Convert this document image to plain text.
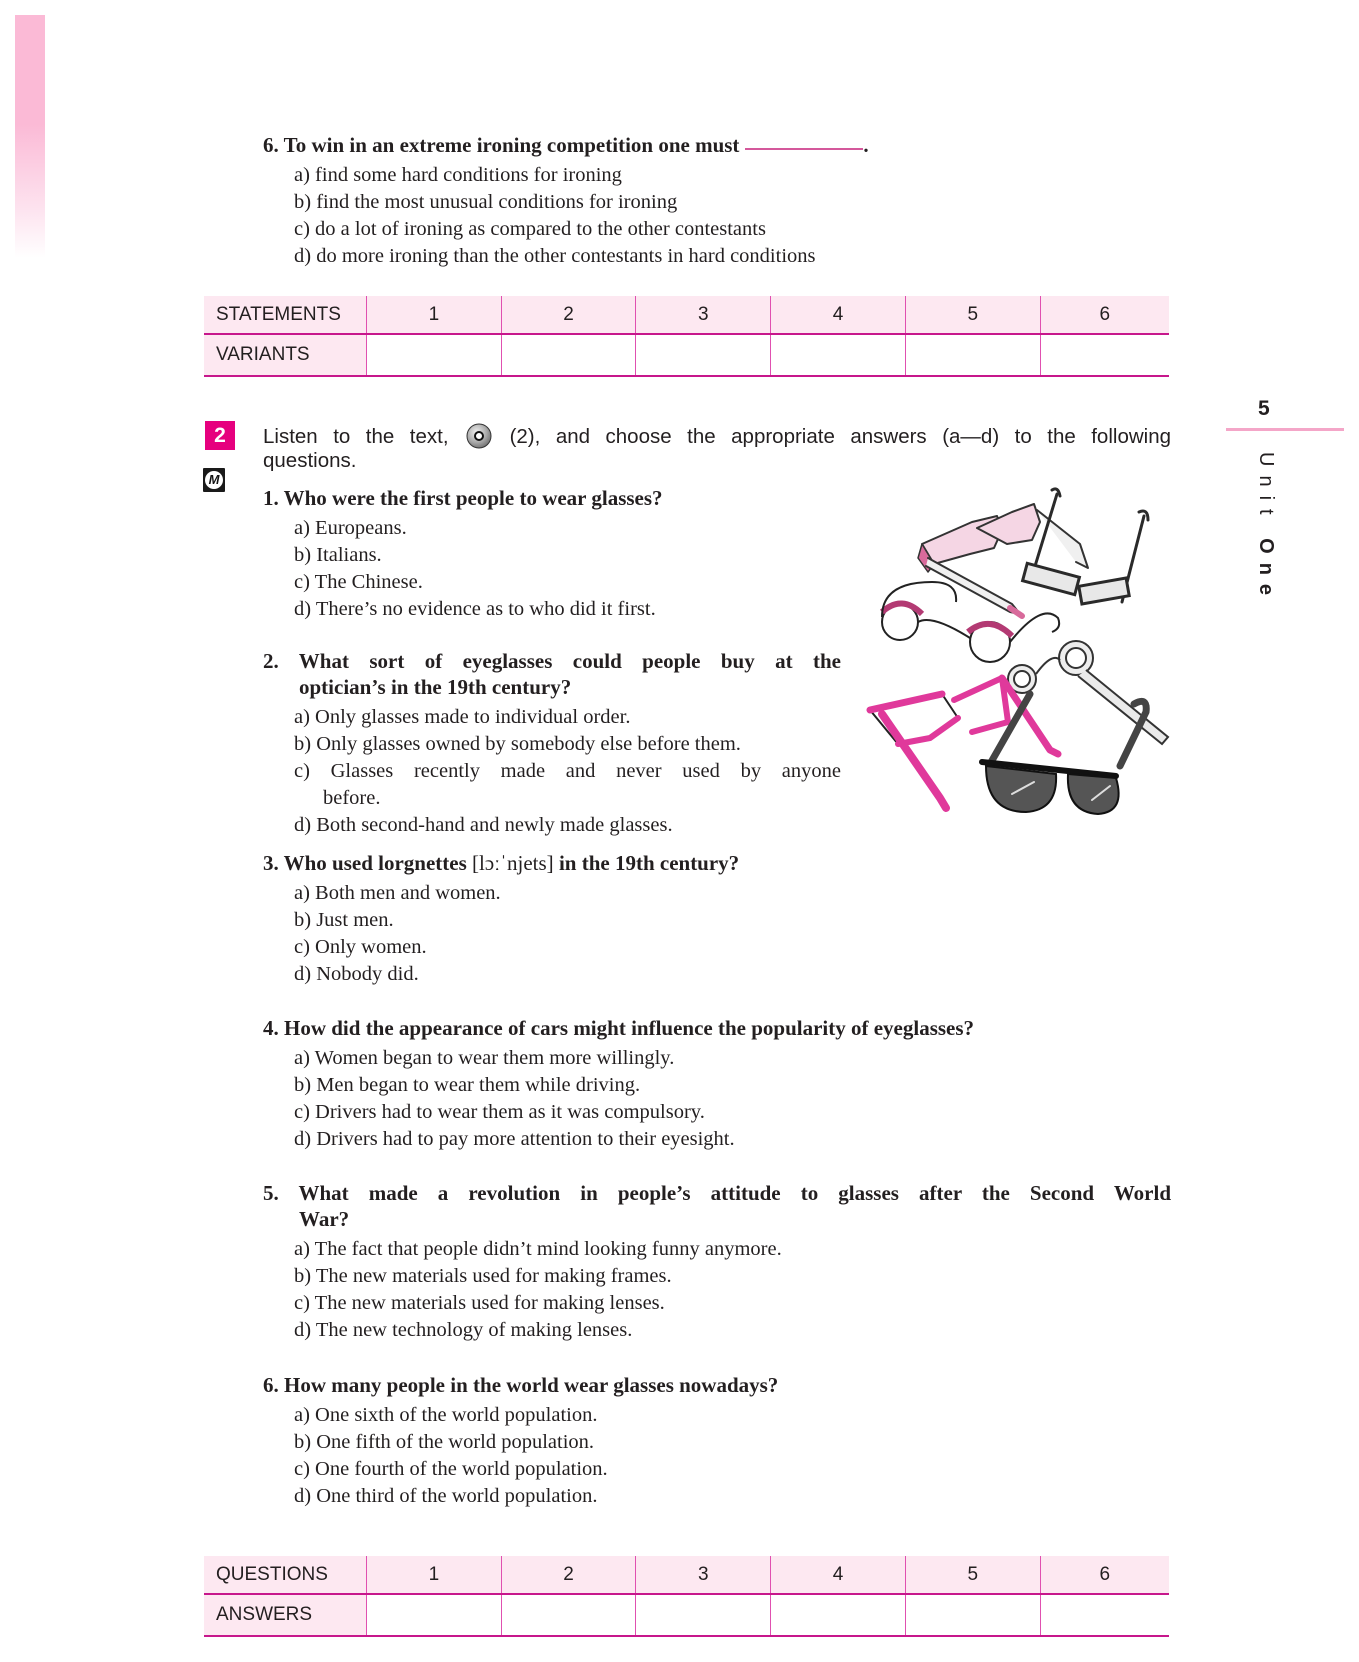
6. To win in an extreme ironing competition one must	.

a) find some hard conditions for ironing
b) find the most unusual conditions for ironing
c) do a lot of ironing as compared to the other contestants
d) do more ironing than the other contestants in hard conditions
STATEMENTS	1	2	3	4	5	6
VARIANTS						
5
Unit One
2
M
Listen to the text,	(2), and choose the appropriate answers (a—d) to the following questions.

1. Who were the first people to wear glasses?

a) Europeans.
b) Italians.
c) The Chinese.
d) There’s no evidence as to who did it first.

2. What sort of eyeglasses could people buy at the
optician’s in the 19th century?

a) Only glasses made to individual order.
b) Only glasses owned by somebody else before them.
c) Glasses recently made and never used by anyone
before.
d) Both second-hand and newly made glasses.

3. Who used lorgnettes [lɔːˈnjets] in the 19th century?

a) Both men and women.
b) Just men.
c) Only women.
d) Nobody did.

4. How did the appearance of cars might influence the popularity of eyeglasses?

a) Women began to wear them more willingly.
b) Men began to wear them while driving.
c) Drivers had to wear them as it was compulsory.
d) Drivers had to pay more attention to their eyesight.

5. What made a revolution in people’s attitude to glasses after the Second World
War?

a) The fact that people didn’t mind looking funny anymore.
b) The new materials used for making frames.
c) The new materials used for making lenses.
d) The new technology of making lenses.

6. How many people in the world wear glasses nowadays?

a) One sixth of the world population.
b) One fifth of the world population.
c) One fourth of the world population.
d) One third of the world population.
QUESTIONS	1	2	3	4	5	6
ANSWERS						
